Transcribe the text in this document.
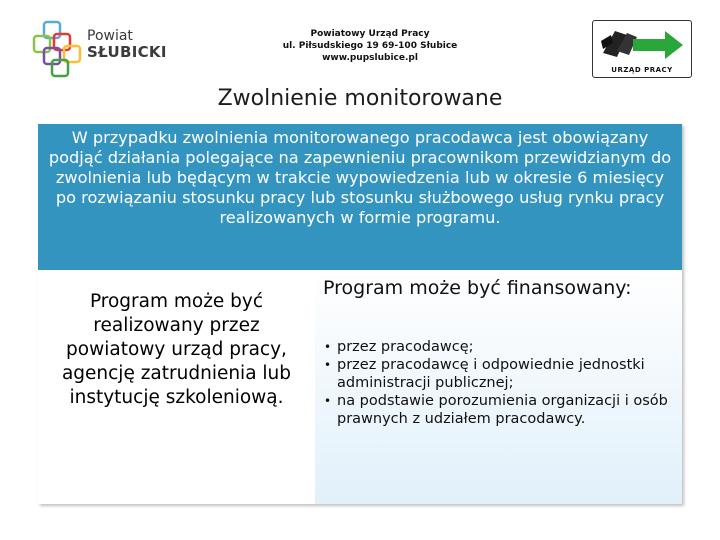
Powiat
SŁUBICKI
Powiatowy Urząd Pracy
ul. Piłsudskiego 19 69-100 Słubice
www.pupslubice.pl
URZĄD PRACY
Zwolnienie monitorowane

W przypadku zwolnienia monitorowanego pracodawca jest obowiązany podjąć działania polegające na zapewnieniu pracownikom przewidzianym do zwolnienia lub będącym w trakcie wypowiedzenia lub w okresie 6 miesięcy po rozwiązaniu stosunku pracy lub stosunku służbowego usług rynku pracy realizowanych w formie programu.

Program może być realizowany przez powiatowy urząd pracy, agencję zatrudnienia lub instytucję szkoleniową.

Program może być finansowany:
• przez pracodawcę;
• przez pracodawcę i odpowiednie jednostki administracji publicznej;
• na podstawie porozumienia organizacji i osób prawnych z udziałem pracodawcy.
